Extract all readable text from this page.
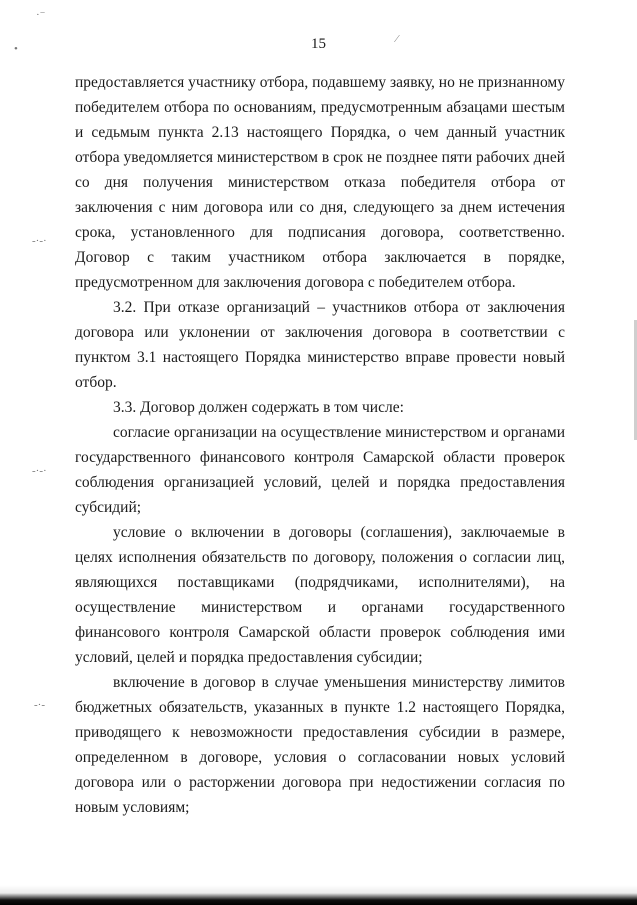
15
·⁻
•
⁄
-·-·
-·-·
-·-

предоставляется участнику отбора, подавшему заявку, но не признанному победителем отбора по основаниям, предусмотренным абзацами шестым и седьмым пункта 2.13 настоящего Порядка, о чем данный участник отбора уведомляется министерством в срок не позднее пяти рабочих дней со дня получения министерством отказа победителя отбора от заключения с ним договора или со дня, следующего за днем истечения срока, установленного для подписания договора, соответственно. Договор с таким участником отбора заключается в порядке, предусмотренном для заключения договора с победителем отбора.

3.2. При отказе организаций – участников отбора от заключения договора или уклонении от заключения договора в соответствии с пунктом 3.1 настоящего Порядка министерство вправе провести новый отбор.

3.3. Договор должен содержать в том числе:

согласие организации на осуществление министерством и органами государственного финансового контроля Самарской области проверок соблюдения организацией условий, целей и порядка предоставления субсидий;

условие о включении в договоры (соглашения), заключаемые в целях исполнения обязательств по договору, положения о согласии лиц, являющихся поставщиками (подрядчиками, исполнителями), на осуществление министерством и органами государственного финансового контроля Самарской области проверок соблюдения ими условий, целей и порядка предоставления субсидии;

включение в договор в случае уменьшения министерству лимитов бюджетных обязательств, указанных в пункте 1.2 настоящего Порядка, приводящего к невозможности предоставления субсидии в размере, определенном в договоре, условия о согласовании новых условий договора или о расторжении договора при недостижении согласия по новым условиям;
